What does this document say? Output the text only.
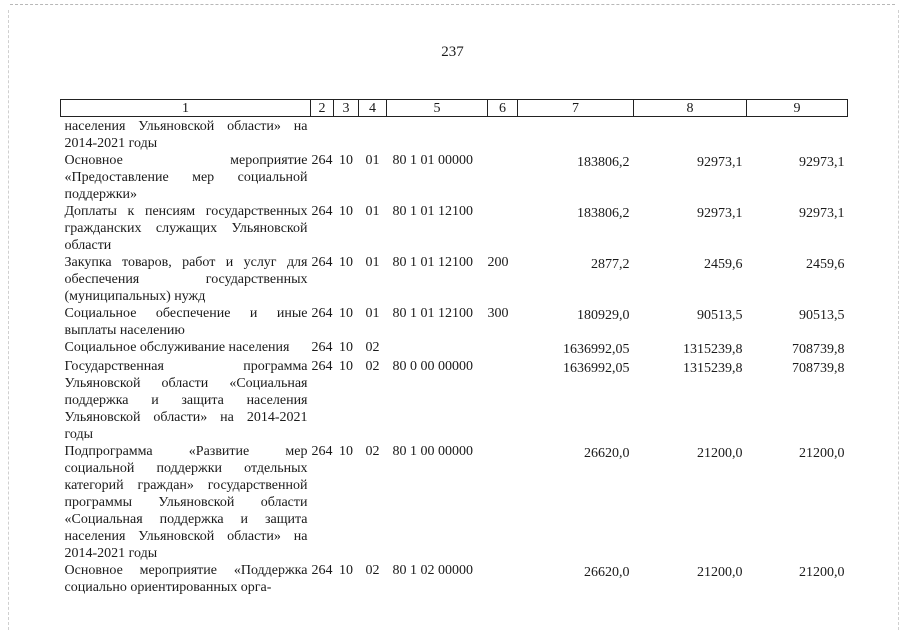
237
1	2	3	4	5	6	7	8	9
населения Ульяновской области» на 2014-2021 годы								
Основное мероприятие «Предоставление мер социальной поддержки»	264	10	01	80 1 01 00000		183806,2	92973,1	92973,1
Доплаты к пенсиям государственных гражданских служащих Ульяновской области	264	10	01	80 1 01 12100		183806,2	92973,1	92973,1
Закупка товаров, работ и услуг для обеспечения государственных (муниципальных) нужд	264	10	01	80 1 01 12100	200	2877,2	2459,6	2459,6
Социальное обеспечение и иные выплаты населению	264	10	01	80 1 01 12100	300	180929,0	90513,5	90513,5
Социальное обслуживание населения	264	10	02			1636992,05	1315239,8	708739,8
Государственная программа Ульяновской области «Социальная поддержка и защита населения Ульяновской области» на 2014-2021 годы	264	10	02	80 0 00 00000		1636992,05	1315239,8	708739,8
Подпрограмма «Развитие мер социальной поддержки отдельных категорий граждан» государственной программы Ульяновской области «Социальная поддержка и защита населения Ульяновской области» на 2014-2021 годы	264	10	02	80 1 00 00000		26620,0	21200,0	21200,0
Основное мероприятие «Поддержка социально ориентированных орга-	264	10	02	80 1 02 00000		26620,0	21200,0	21200,0
